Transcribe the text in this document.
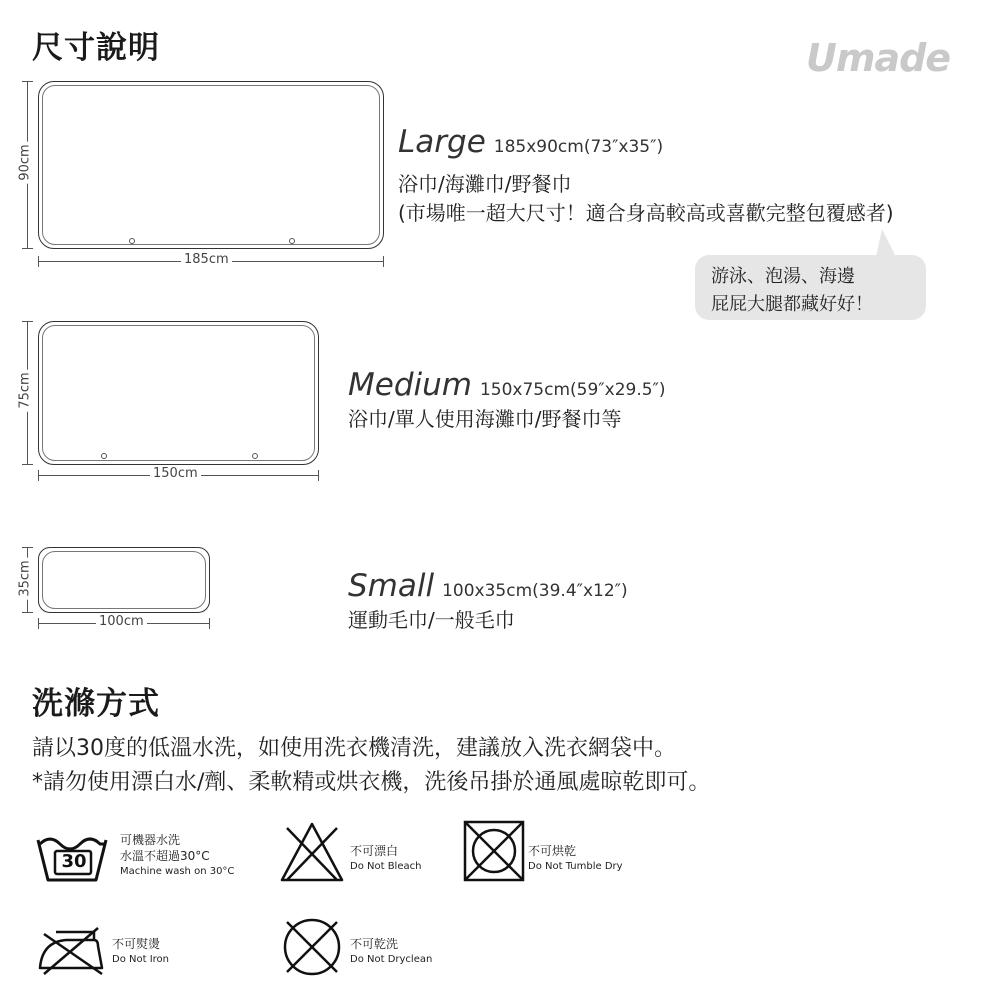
尺寸說明	Umade
90cm
185cm
Large 185x90cm(73″x35″)
浴巾/海灘巾/野餐巾
(市場唯一超大尺寸！適合身高較高或喜歡完整包覆感者)
游泳、泡湯、海邊
屁屁大腿都藏好好！
75cm
150cm
Medium 150x75cm(59″x29.5″)
浴巾/單人使用海灘巾/野餐巾等
35cm
100cm
Small 100x35cm(39.4″x12″)
運動毛巾/一般毛巾
洗滌方式
請以30度的低溫水洗，如使用洗衣機清洗，建議放入洗衣網袋中。
*請勿使用漂白水/劑、柔軟精或烘衣機，洗後吊掛於通風處晾乾即可。
30
可機器水洗
水溫不超過30°C
Machine wash on 30°C
不可漂白
Do Not Bleach
不可烘乾
Do Not Tumble Dry
不可熨燙
Do Not Iron
不可乾洗
Do Not Dryclean
